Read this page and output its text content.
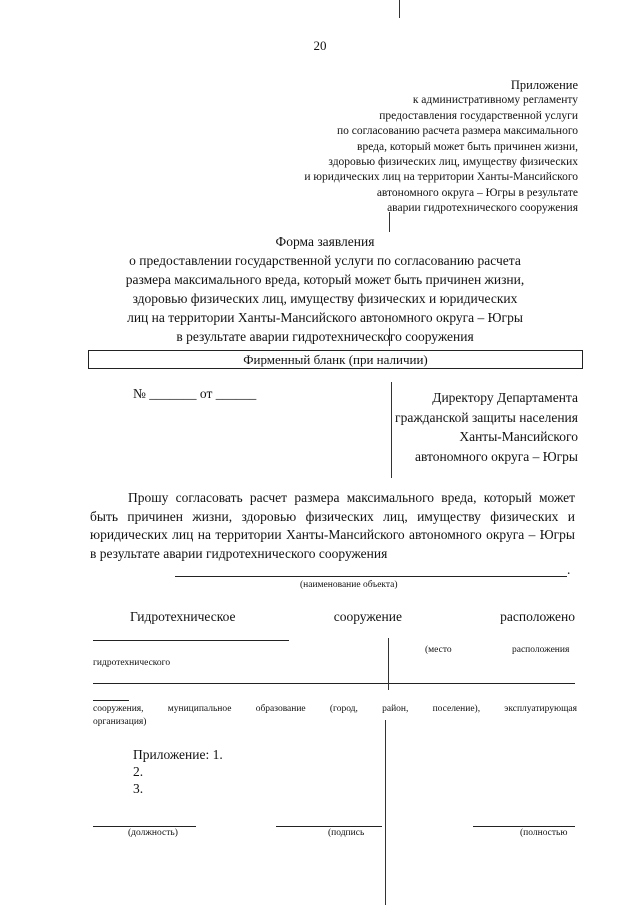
20
Приложение
к административному регламенту
предоставления государственной услуги
по согласованию расчета размера максимального
вреда, который может быть причинен жизни,
здоровью физических лиц, имуществу физических
и юридических лиц на территории Ханты-Мансийского
автономного округа – Югры в результате
аварии гидротехнического сооружения
Форма заявления
о предоставлении государственной услуги по согласованию расчета
размера максимального вреда, который может быть причинен жизни,
здоровью физических лиц, имуществу физических и юридических
лиц на территории Ханты-Мансийского автономного округа – Югры
в результате аварии гидротехнического сооружения
Фирменный бланк (при наличии)
№ _______ от ______	Директору Департамента
гражданской защиты населения
Ханты-Мансийского
автономного округа – Югры
Прошу согласовать расчет размера максимального вреда, который может быть причинен жизни, здоровью физических лиц, имуществу физических и юридических лиц на территории Ханты-Мансийского автономного округа – Югры в результате аварии гидротехнического сооружения
.
(наименование объекта)
Гидротехническое	сооружение	расположено
(место	расположения
гидротехнического
сооружения, муниципальное образование (город, район, поселение), эксплуатирующая
организация)
Приложение: 1.
2.
3.
(должность)	(подпись	(полностью
